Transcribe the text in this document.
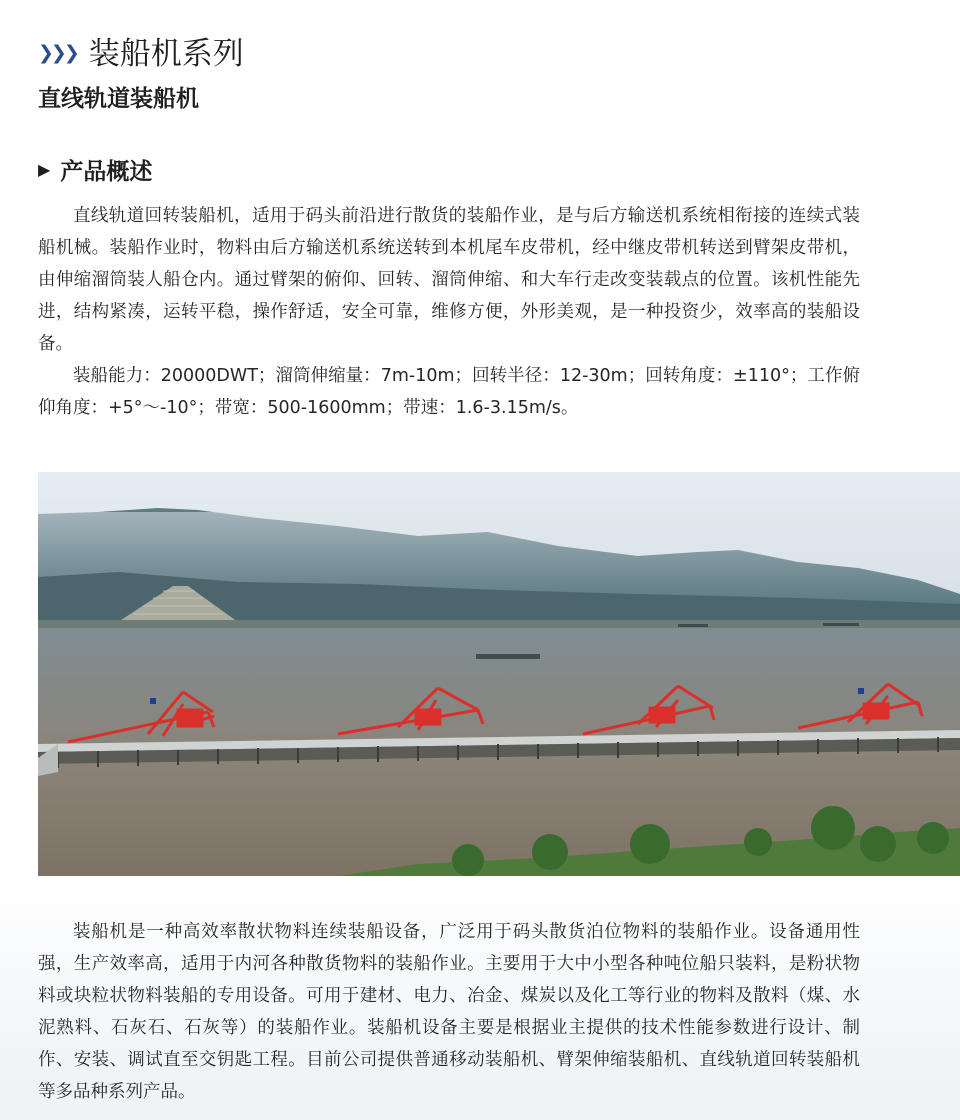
❯❯❯ 装船机系列
直线轨道装船机
▶ 产品概述

直线轨道回转装船机，适用于码头前沿进行散货的装船作业，是与后方输送机系统相衔接的连续式装船机械。装船作业时，物料由后方输送机系统送转到本机尾车皮带机，经中继皮带机转送到臂架皮带机，由伸缩溜筒装人船仓内。通过臂架的俯仰、回转、溜筒伸缩、和大车行走改变装载点的位置。该机性能先进，结构紧凑，运转平稳，操作舒适，安全可靠，维修方便，外形美观，是一种投资少，效率高的装船设备。

装船能力：20000DWT；溜筒伸缩量：7m-10m；回转半径：12-30m；回转角度：±110°；工作俯仰角度：+5°～-10°；带宽：500-1600mm；带速：1.6-3.15m/s。

装船机是一种高效率散状物料连续装船设备，广泛用于码头散货泊位物料的装船作业。设备通用性强，生产效率高，适用于内河各种散货物料的装船作业。主要用于大中小型各种吨位船只装料，是粉状物料或块粒状物料装船的专用设备。可用于建材、电力、冶金、煤炭以及化工等行业的物料及散料（煤、水泥熟料、石灰石、石灰等）的装船作业。装船机设备主要是根据业主提供的技术性能参数进行设计、制作、安装、调试直至交钥匙工程。目前公司提供普通移动装船机、臂架伸缩装船机、直线轨道回转装船机等多品种系列产品。
